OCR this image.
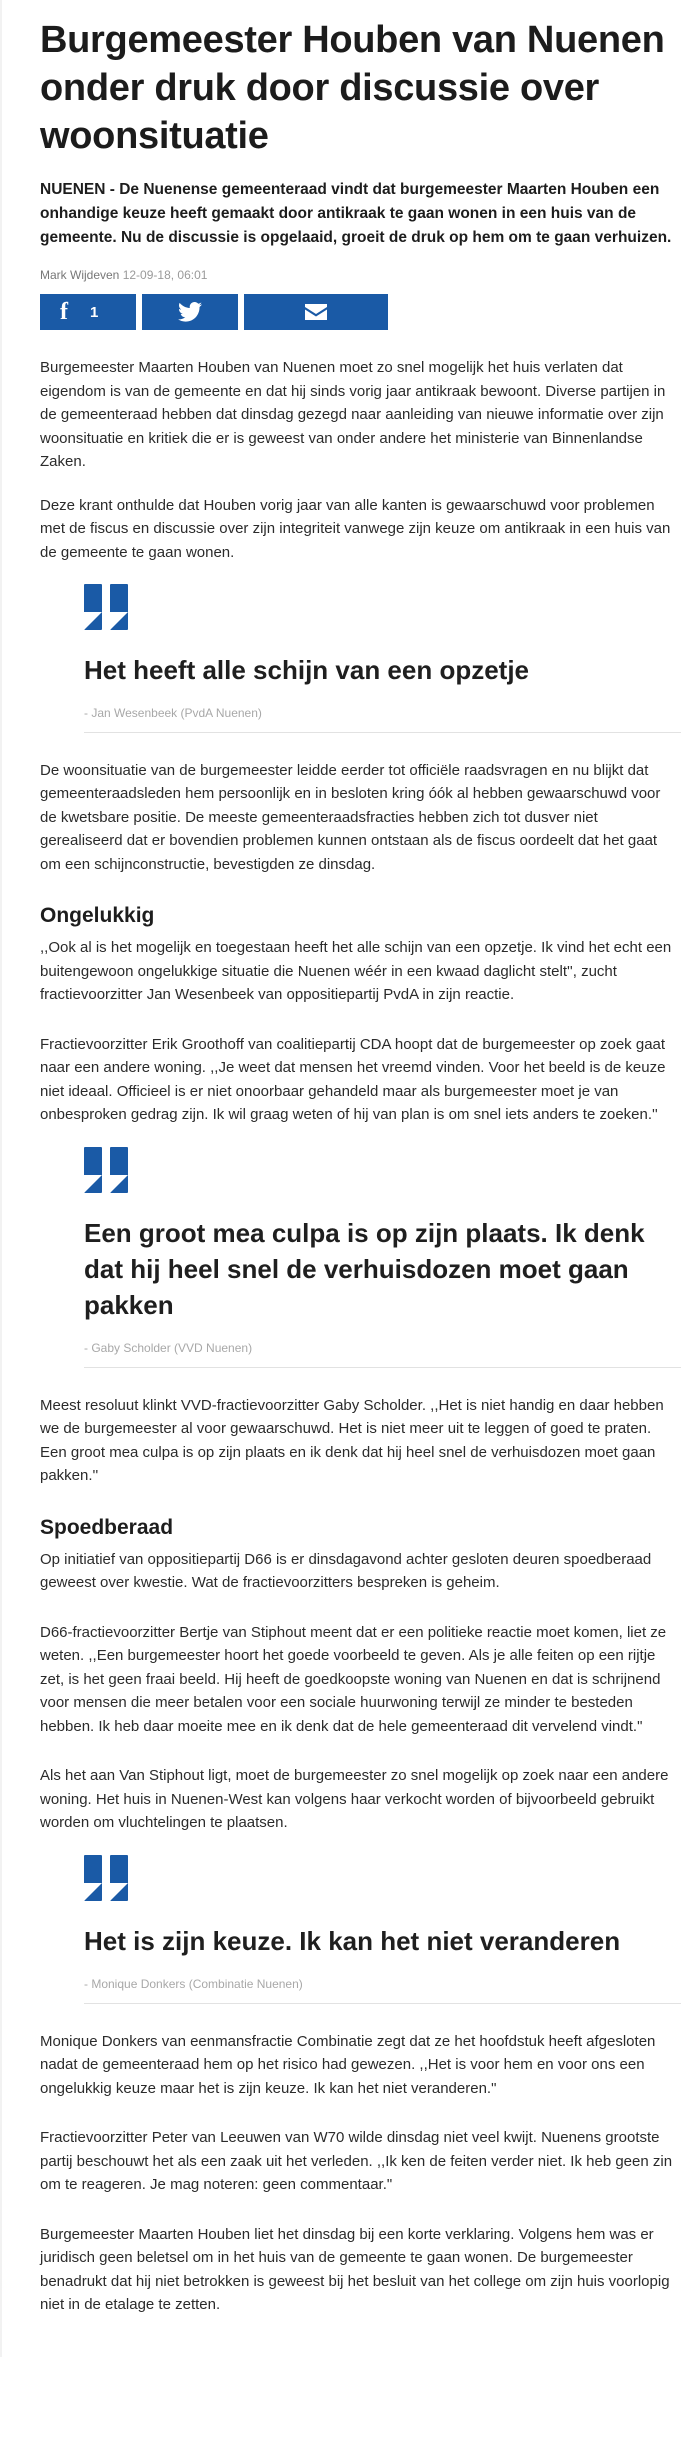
Burgemeester Houben van Nuenen onder druk door discussie over woonsituatie

NUENEN - De Nuenense gemeenteraad vindt dat burgemeester Maarten Houben een onhandige keuze heeft gemaakt door antikraak te gaan wonen in een huis van de gemeente. Nu de discussie is opgelaaid, groeit de druk op hem om te gaan verhuizen.

Mark Wijdeven 12-09-18, 06:01
f 1

Burgemeester Maarten Houben van Nuenen moet zo snel mogelijk het huis verlaten dat eigendom is van de gemeente en dat hij sinds vorig jaar antikraak bewoont. Diverse partijen in de gemeenteraad hebben dat dinsdag gezegd naar aanleiding van nieuwe informatie over zijn woonsituatie en kritiek die er is geweest van onder andere het ministerie van Binnenlandse Zaken.

Deze krant onthulde dat Houben vorig jaar van alle kanten is gewaarschuwd voor problemen met de fiscus en discussie over zijn integriteit vanwege zijn keuze om antikraak in een huis van de gemeente te gaan wonen.

Het heeft alle schijn van een opzetje

- Jan Wesenbeek (PvdA Nuenen)

De woonsituatie van de burgemeester leidde eerder tot officiële raadsvragen en nu blijkt dat gemeenteraadsleden hem persoonlijk en in besloten kring óók al hebben gewaarschuwd voor de kwetsbare positie. De meeste gemeenteraadsfracties hebben zich tot dusver niet gerealiseerd dat er bovendien problemen kunnen ontstaan als de fiscus oordeelt dat het gaat om een schijnconstructie, bevestigden ze dinsdag.

Ongelukkig

,,Ook al is het mogelijk en toegestaan heeft het alle schijn van een opzetje. Ik vind het echt een buitengewoon ongelukkige situatie die Nuenen wéér in een kwaad daglicht stelt'', zucht fractievoorzitter Jan Wesenbeek van oppositiepartij PvdA in zijn reactie.

Fractievoorzitter Erik Groothoff van coalitiepartij CDA hoopt dat de burgemeester op zoek gaat naar een andere woning. ,,Je weet dat mensen het vreemd vinden. Voor het beeld is de keuze niet ideaal. Officieel is er niet onoorbaar gehandeld maar als burgemeester moet je van onbesproken gedrag zijn. Ik wil graag weten of hij van plan is om snel iets anders te zoeken.''

Een groot mea culpa is op zijn plaats. Ik denk dat hij heel snel de verhuisdozen moet gaan pakken

- Gaby Scholder (VVD Nuenen)

Meest resoluut klinkt VVD-fractievoorzitter Gaby Scholder. ,,Het is niet handig en daar hebben we de burgemeester al voor gewaarschuwd. Het is niet meer uit te leggen of goed te praten. Een groot mea culpa is op zijn plaats en ik denk dat hij heel snel de verhuisdozen moet gaan pakken.''

Spoedberaad

Op initiatief van oppositiepartij D66 is er dinsdagavond achter gesloten deuren spoedberaad geweest over kwestie. Wat de fractievoorzitters bespreken is geheim.

D66-fractievoorzitter Bertje van Stiphout meent dat er een politieke reactie moet komen, liet ze weten. ,,Een burgemeester hoort het goede voorbeeld te geven. Als je alle feiten op een rijtje zet, is het geen fraai beeld. Hij heeft de goedkoopste woning van Nuenen en dat is schrijnend voor mensen die meer betalen voor een sociale huurwoning terwijl ze minder te besteden hebben. Ik heb daar moeite mee en ik denk dat de hele gemeenteraad dit vervelend vindt."

Als het aan Van Stiphout ligt, moet de burgemeester zo snel mogelijk op zoek naar een andere woning. Het huis in Nuenen-West kan volgens haar verkocht worden of bijvoorbeeld gebruikt worden om vluchtelingen te plaatsen.

Het is zijn keuze. Ik kan het niet veranderen

- Monique Donkers (Combinatie Nuenen)

Monique Donkers van eenmansfractie Combinatie zegt dat ze het hoofdstuk heeft afgesloten nadat de gemeenteraad hem op het risico had gewezen. ,,Het is voor hem en voor ons een ongelukkig keuze maar het is zijn keuze. Ik kan het niet veranderen."

Fractievoorzitter Peter van Leeuwen van W70 wilde dinsdag niet veel kwijt. Nuenens grootste partij beschouwt het als een zaak uit het verleden. ,,Ik ken de feiten verder niet. Ik heb geen zin om te reageren. Je mag noteren: geen commentaar."

Burgemeester Maarten Houben liet het dinsdag bij een korte verklaring. Volgens hem was er juridisch geen beletsel om in het huis van de gemeente te gaan wonen. De burgemeester benadrukt dat hij niet betrokken is geweest bij het besluit van het college om zijn huis voorlopig niet in de etalage te zetten.
